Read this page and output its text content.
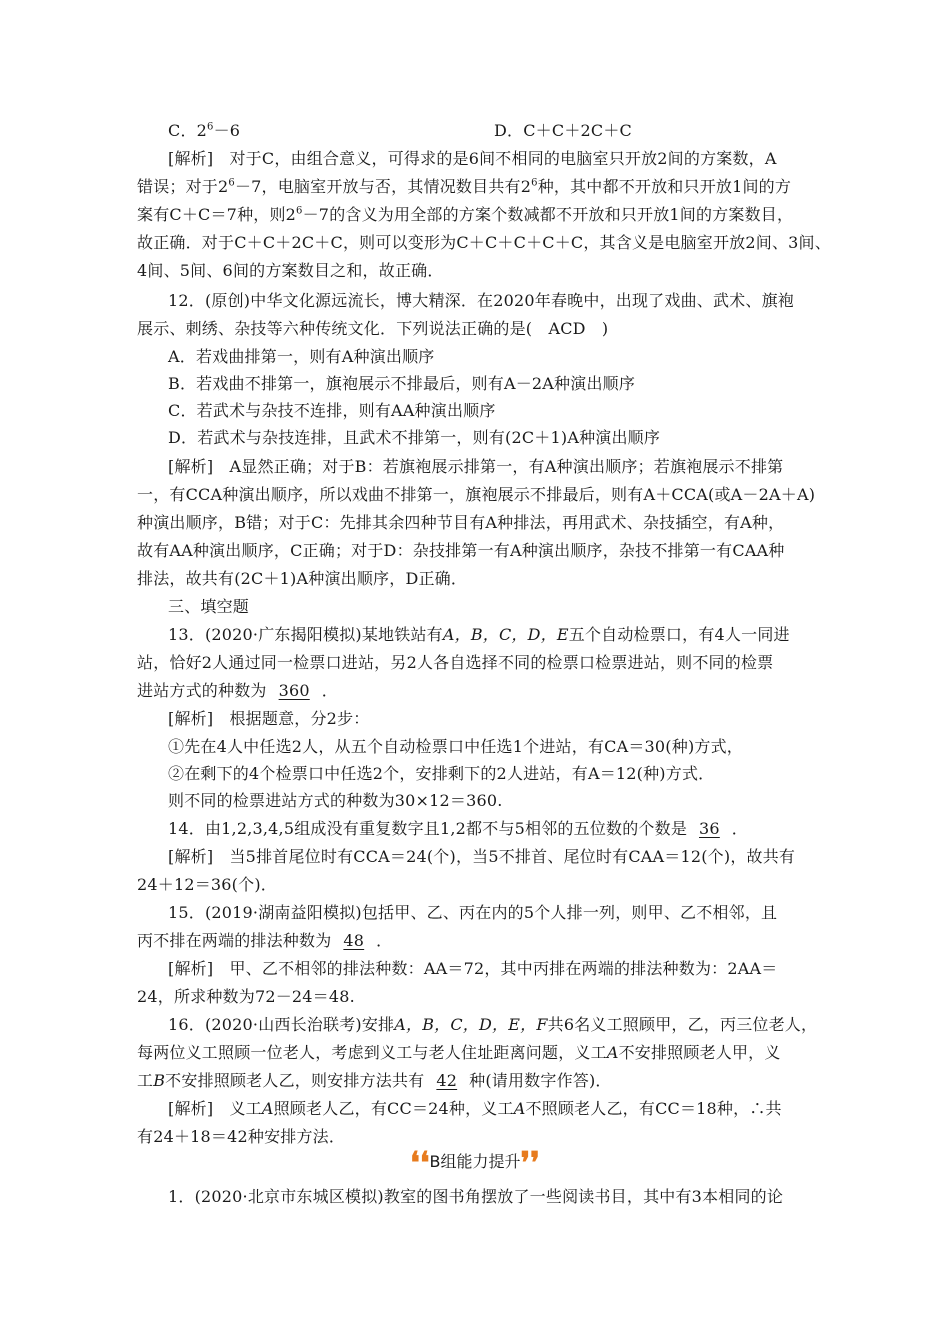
C．$2^6-6$	D．C＋C＋2C＋C
[解析]　对于C，由组合意义，可得求的是6间不相同的电脑室只开放2间的方案数，A
错误；对于$2^6-7$，电脑室开放与否，其情况数目共有$2^6$种，其中都不开放和只开放1间的方
案有C＋C＝7种，则$2^6-7$的含义为用全部的方案个数减都不开放和只开放1间的方案数目，
故正确．对于C＋C＋2C＋C，则可以变形为C＋C＋C＋C＋C，其含义是电脑室开放2间、3间、
4间、5间、6间的方案数目之和，故正确．
12．(原创)中华文化源远流长，博大精深．在2020年春晚中，出现了戏曲、武术、旗袍
展示、刺绣、杂技等六种传统文化．下列说法正确的是(　ACD　)
A．若戏曲排第一，则有A种演出顺序
B．若戏曲不排第一，旗袍展示不排最后，则有A－2A种演出顺序
C．若武术与杂技不连排，则有AA种演出顺序
D．若武术与杂技连排，且武术不排第一，则有(2C＋1)A种演出顺序
[解析]　A显然正确；对于B：若旗袍展示排第一，有A种演出顺序；若旗袍展示不排第
一，有CCA种演出顺序，所以戏曲不排第一，旗袍展示不排最后，则有A＋CCA(或A－2A＋A)
种演出顺序，B错；对于C：先排其余四种节目有A种排法，再用武术、杂技插空，有A种，
故有AA种演出顺序，C正确；对于D：杂技排第一有A种演出顺序，杂技不排第一有CAA种
排法，故共有(2C＋1)A种演出顺序，D正确．
三、填空题
13．(2020·广东揭阳模拟)某地铁站有A，B，C，D，E五个自动检票口，有4人一同进
站，恰好2人通过同一检票口进站，另2人各自选择不同的检票口检票进站，则不同的检票
进站方式的种数为 360 ．
[解析]　根据题意，分2步：
①先在4人中任选2人，从五个自动检票口中任选1个进站，有CA＝30(种)方式，
②在剩下的4个检票口中任选2个，安排剩下的2人进站，有A＝12(种)方式．
则不同的检票进站方式的种数为30×12＝360.
14．由1,2,3,4,5组成没有重复数字且1,2都不与5相邻的五位数的个数是 36 ．
[解析]　当5排首尾位时有CCA＝24(个)，当5不排首、尾位时有CAA＝12(个)，故共有
24＋12＝36(个)．
15．(2019·湖南益阳模拟)包括甲、乙、丙在内的5个人排一列，则甲、乙不相邻，且
丙不排在两端的排法种数为 48 ．
[解析]　甲、乙不相邻的排法种数：AA＝72，其中丙排在两端的排法种数为：2AA＝
24，所求种数为72－24＝48.
16．(2020·山西长治联考)安排A，B，C，D，E，F共6名义工照顾甲，乙，丙三位老人，
每两位义工照顾一位老人，考虑到义工与老人住址距离问题，义工A不安排照顾老人甲，义
工B不安排照顾老人乙，则安排方法共有 42 种(请用数字作答)．
[解析]　义工A照顾老人乙，有CC＝24种，义工A不照顾老人乙，有CC＝18种，∴共
有24＋18＝42种安排方法．
❛❛B组能力提升❜❜
1．(2020·北京市东城区模拟)教室的图书角摆放了一些阅读书目，其中有3本相同的论
